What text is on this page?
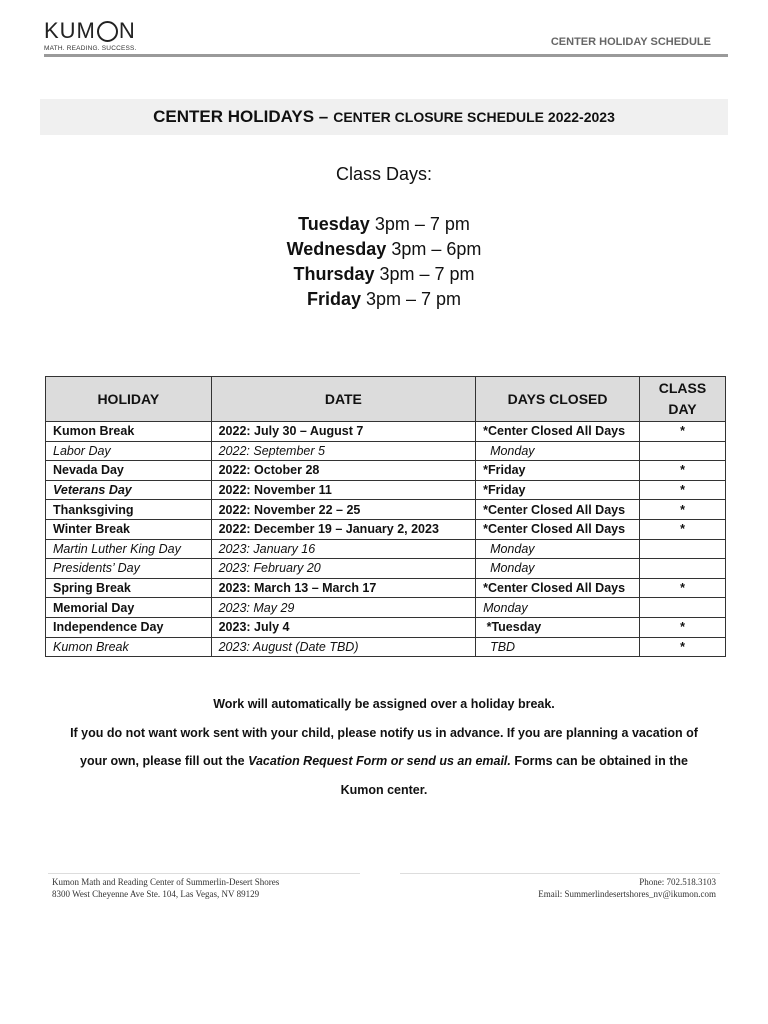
KUM N
MATH. READING. SUCCESS.
CENTER HOLIDAY SCHEDULE
CENTER HOLIDAYS – CENTER CLOSURE SCHEDULE 2022-2023
Class Days:
Tuesday 3pm – 7 pm
Wednesday 3pm – 6pm
Thursday 3pm – 7 pm
Friday 3pm – 7 pm
HOLIDAY	DATE	DAYS CLOSED	CLASS DAY
Kumon Break	2022: July 30 – August 7	*Center Closed All Days	*
Labor Day	2022: September 5	Monday	
Nevada Day	2022: October 28	*Friday	*
Veterans Day	2022: November 11	*Friday	*
Thanksgiving	2022: November 22 – 25	*Center Closed All Days	*
Winter Break	2022: December 19 – January 2, 2023	*Center Closed All Days	*
Martin Luther King Day	2023: January 16	Monday	
Presidents’ Day	2023: February 20	Monday	
Spring Break	2023: March 13 – March 17	*Center Closed All Days	*
Memorial Day	2023: May 29	Monday	
Independence Day	2023: July 4	*Tuesday	*
Kumon Break	2023: August (Date TBD)	TBD	*
Work will automatically be assigned over a holiday break.
If you do not want work sent with your child, please notify us in advance. If you are planning a vacation of
your own, please fill out the Vacation Request Form or send us an email. Forms can be obtained in the
Kumon center.
Kumon Math and Reading Center of Summerlin-Desert Shores
8300 West Cheyenne Ave Ste. 104, Las Vegas, NV 89129
Phone: 702.518.3103
Email: Summerlindesertshores_nv@ikumon.com
